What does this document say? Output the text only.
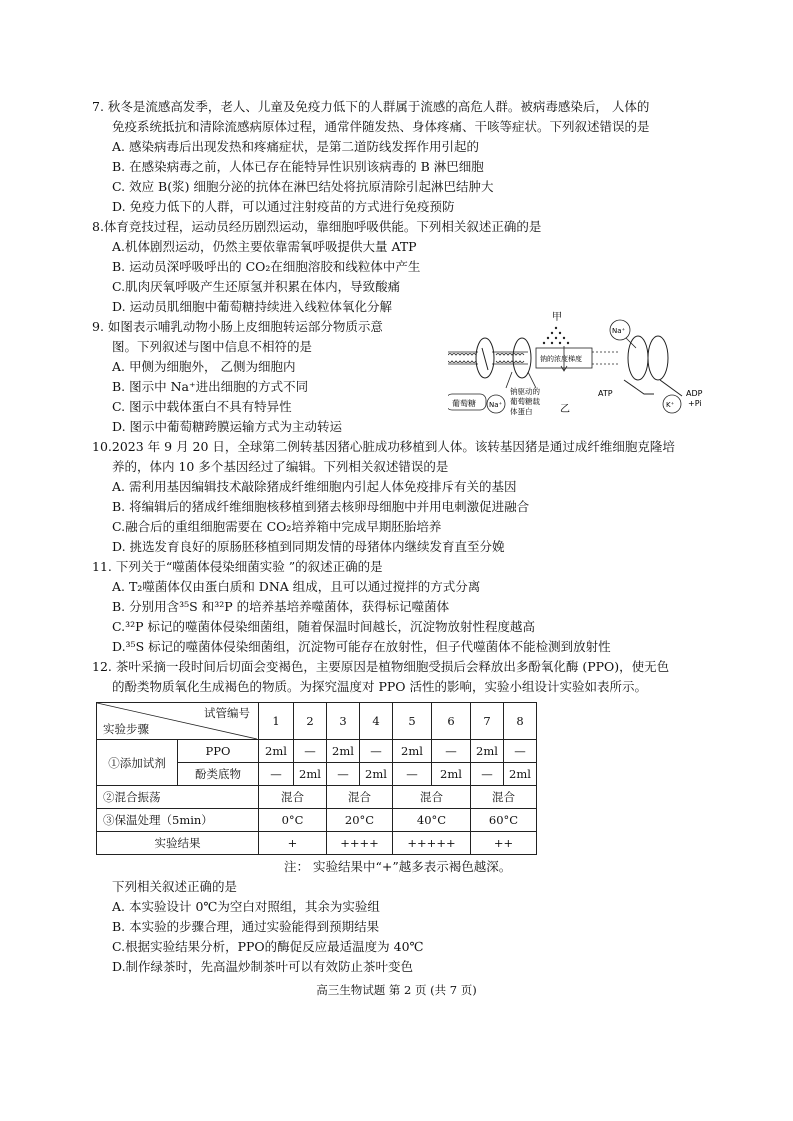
7. 秋冬是流感高发季，老人、儿童及免疫力低下的人群属于流感的高危人群。被病毒感染后， 人体的
免疫系统抵抗和清除流感病原体过程，通常伴随发热、身体疼痛、干咳等症状。下列叙述错误的是
A. 感染病毒后出现发热和疼痛症状，是第二道防线发挥作用引起的
B. 在感染病毒之前，人体已存在能特异性识别该病毒的 B 淋巴细胞
C. 效应 B(浆) 细胞分泌的抗体在淋巴结处将抗原清除引起淋巴结肿大
D. 免疫力低下的人群，可以通过注射疫苗的方式进行免疫预防
8.体育竞技过程，运动员经历剧烈运动，靠细胞呼吸供能。下列相关叙述正确的是
A.机体剧烈运动，仍然主要依靠需氧呼吸提供大量 ATP
B. 运动员深呼吸呼出的 CO₂在细胞溶胶和线粒体中产生
C.肌肉厌氧呼吸产生还原氢并积累在体内，导致酸痛
D. 运动员肌细胞中葡萄糖持续进入线粒体氧化分解
9. 如图表示哺乳动物小肠上皮细胞转运部分物质示意
图。下列叙述与图中信息不相符的是
A. 甲侧为细胞外， 乙侧为细胞内
B. 图示中 Na⁺进出细胞的方式不同
C. 图示中载体蛋白不具有特异性
D. 图示中葡萄糖跨膜运输方式为主动转运
甲
钠的浓度梯度
Na⁺
Na⁺
葡萄糖
钠驱动的
葡萄糖载
体蛋白	乙
ATP	ADP
+Pi
K⁺
10.2023 年 9 月 20 日，全球第二例转基因猪心脏成功移植到人体。该转基因猪是通过成纤维细胞克隆培
养的，体内 10 多个基因经过了编辑。下列相关叙述错误的是
A. 需利用基因编辑技术敲除猪成纤维细胞内引起人体免疫排斥有关的基因
B. 将编辑后的猪成纤维细胞核移植到猪去核卵母细胞中并用电刺激促进融合
C.融合后的重组细胞需要在 CO₂培养箱中完成早期胚胎培养
D. 挑选发育良好的原肠胚移植到同期发情的母猪体内继续发育直至分娩
11. 下列关于“噬菌体侵染细菌实验 ”的叙述正确的是
A. T₂噬菌体仅由蛋白质和 DNA 组成，且可以通过搅拌的方式分离
B. 分别用含³⁵S 和³²P 的培养基培养噬菌体，获得标记噬菌体
C.³²P 标记的噬菌体侵染细菌组，随着保温时间越长，沉淀物放射性程度越高
D.³⁵S 标记的噬菌体侵染细菌组，沉淀物可能存在放射性，但子代噬菌体不能检测到放射性
12. 茶叶采摘一段时间后切面会变褐色，主要原因是植物细胞受损后会释放出多酚氧化酶 (PPO)，使无色
的酚类物质氧化生成褐色的物质。为探究温度对 PPO 活性的影响，实验小组设计实验如表所示。
试管编号
实验步骤		1	2	3	4	5	6	7	8
①添加试剂	PPO	2ml	—	2ml	—	2ml	—	2ml	—
	酚类底物	—	2ml	—	2ml	—	2ml	—	2ml
②混合振荡		混合		混合		混合		混合	
③保温处理（5min）		0°C		20°C		40°C		60°C	
实验结果		+		++++		+++++		++	
注： 实验结果中“+”越多表示褐色越深。
下列相关叙述正确的是
A. 本实验设计 0℃为空白对照组，其余为实验组
B. 本实验的步骤合理，通过实验能得到预期结果
C.根据实验结果分析，PPO的酶促反应最适温度为 40℃
D.制作绿茶时，先高温炒制茶叶可以有效防止茶叶变色
高三生物试题 第 2 页 (共 7 页)
